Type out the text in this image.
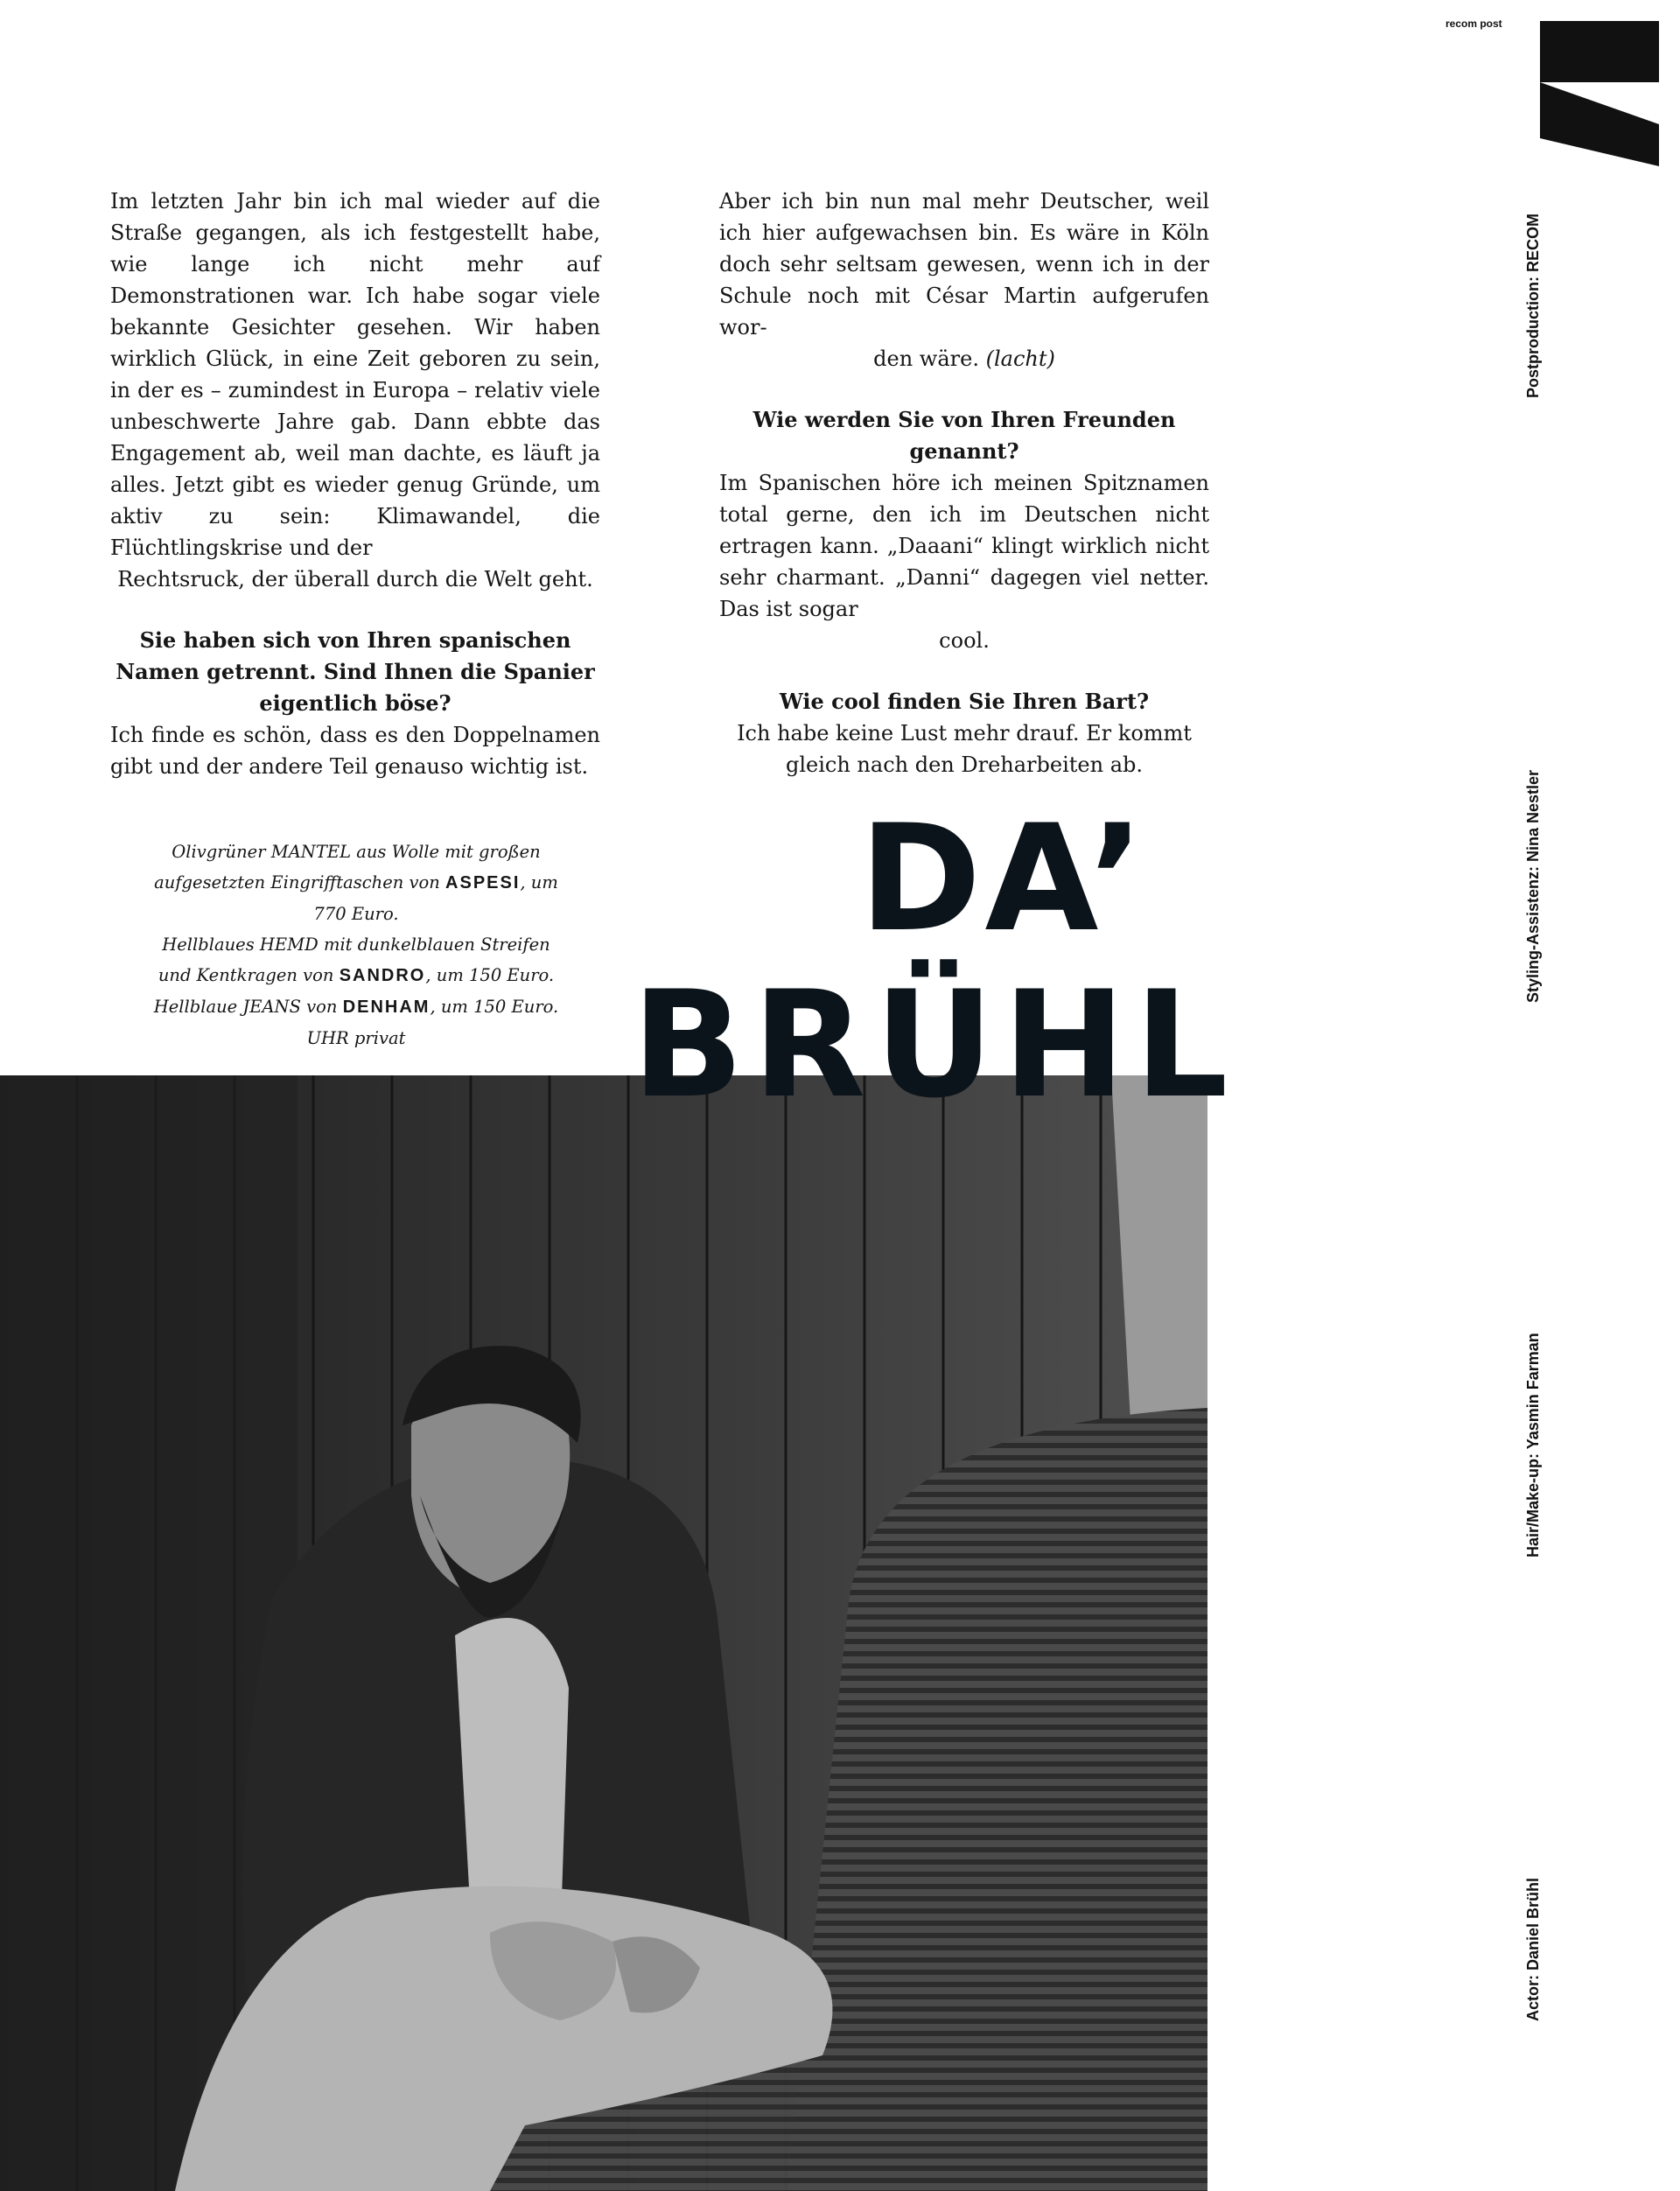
recom post

Im letzten Jahr bin ich mal wieder auf die Straße gegangen, als ich festgestellt habe, wie lange ich nicht mehr auf Demonstrationen war. Ich habe sogar viele bekannte Gesichter gesehen. Wir haben wirklich Glück, in eine Zeit geboren zu sein, in der es – zumindest in Europa – relativ viele unbeschwerte Jahre gab. Dann ebbte das Engagement ab, weil man dachte, es läuft ja alles. Jetzt gibt es wieder genug Gründe, um aktiv zu sein: Klimawandel, die Flüchtlingskrise und der

Rechtsruck, der überall durch die Welt geht.

Sie haben sich von Ihren spanischen Namen getrennt. Sind Ihnen die Spanier eigentlich böse?

Ich finde es schön, dass es den Doppelnamen gibt und der andere Teil genauso wichtig ist.

Aber ich bin nun mal mehr Deutscher, weil ich hier aufgewachsen bin. Es wäre in Köln doch sehr seltsam gewesen, wenn ich in der Schule noch mit César Martin aufgerufen wor-

den wäre. (lacht)

Wie werden Sie von Ihren Freunden genannt?

Im Spanischen höre ich meinen Spitznamen total gerne, den ich im Deutschen nicht ertragen kann. „Daaani“ klingt wirklich nicht sehr charmant. „Danni“ dagegen viel netter. Das ist sogar

cool.

Wie cool finden Sie Ihren Bart?

Ich habe keine Lust mehr drauf. Er kommt gleich nach den Dreharbeiten ab.

Olivgrüner MANTEL aus Wolle mit großen
aufgesetzten Eingrifftaschen von ASPESI, um 770 Euro.
Hellblaues HEMD mit dunkelblauen Streifen
und Kentkragen von SANDRO, um 150 Euro.
Hellblaue JEANS von DENHAM, um 150 Euro.
UHR privat
DA’
BRÜHL
Postproduction: RECOM
Styling-Assistenz: Nina Nestler
Hair/Make-up: Yasmin Farman
Actor: Daniel Brühl
